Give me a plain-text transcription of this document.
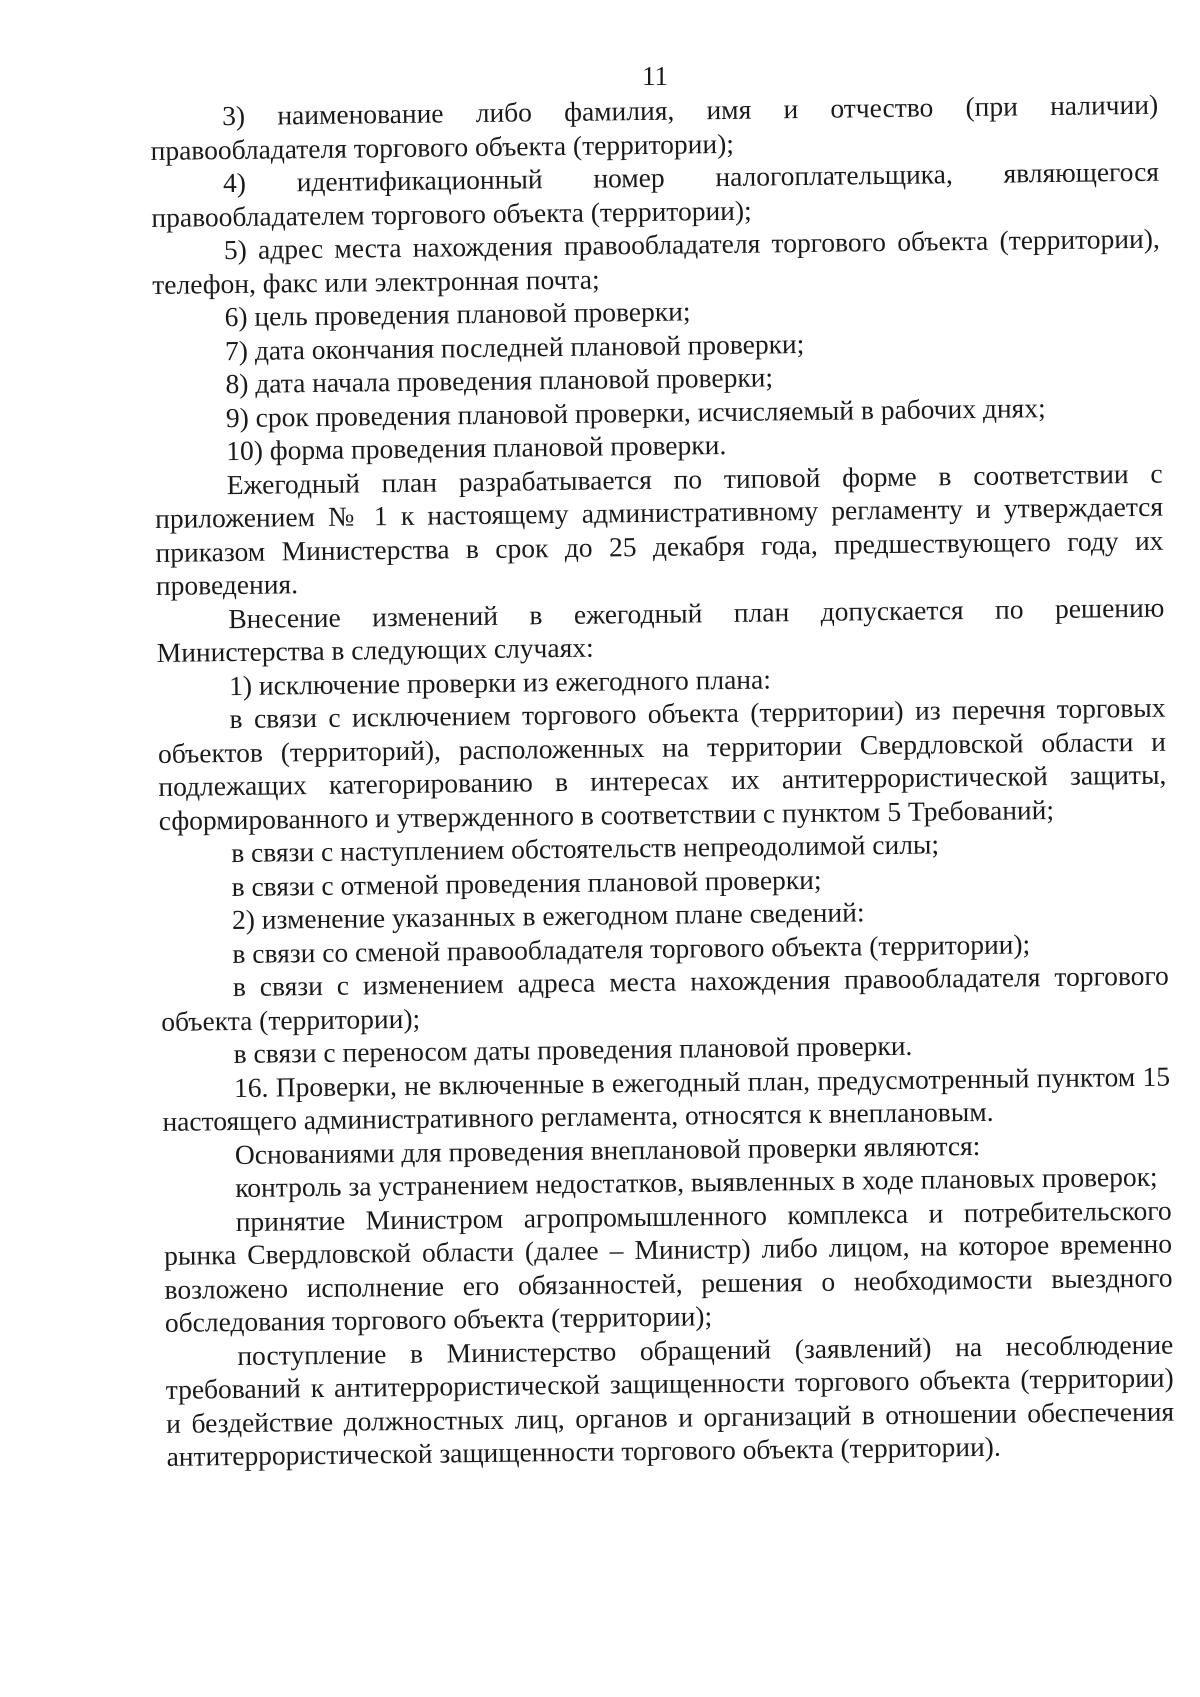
11

3) наименование либо фамилия, имя и отчество (при наличии) правообладателя торгового объекта (территории);

4) идентификационный номер налогоплательщика, являющегося правообладателем торгового объекта (территории);

5) адрес места нахождения правообладателя торгового объекта (территории), телефон, факс или электронная почта;

6) цель проведения плановой проверки;

7) дата окончания последней плановой проверки;

8) дата начала проведения плановой проверки;

9) срок проведения плановой проверки, исчисляемый в рабочих днях;

10) форма проведения плановой проверки.

Ежегодный план разрабатывается по типовой форме в соответствии с приложением № 1 к настоящему административному регламенту и утверждается приказом Министерства в срок до 25 декабря года, предшествующего году их проведения.

Внесение изменений в ежегодный план допускается по решению Министерства в следующих случаях:

1) исключение проверки из ежегодного плана:

в связи с исключением торгового объекта (территории) из перечня торговых объектов (территорий), расположенных на территории Свердловской области и подлежащих категорированию в интересах их антитеррористической защиты, сформированного и утвержденного в соответствии с пунктом 5 Требований;

в связи с наступлением обстоятельств непреодолимой силы;

в связи с отменой проведения плановой проверки;

2) изменение указанных в ежегодном плане сведений:

в связи со сменой правообладателя торгового объекта (территории);

в связи с изменением адреса места нахождения правообладателя торгового объекта (территории);

в связи с переносом даты проведения плановой проверки.

16. Проверки, не включенные в ежегодный план, предусмотренный пунктом 15 настоящего административного регламента, относятся к внеплановым.

Основаниями для проведения внеплановой проверки являются:

контроль за устранением недостатков, выявленных в ходе плановых проверок;

принятие Министром агропромышленного комплекса и потребительского рынка Свердловской области (далее – Министр) либо лицом, на которое временно возложено исполнение его обязанностей, решения о необходимости выездного обследования торгового объекта (территории);

поступление в Министерство обращений (заявлений) на несоблюдение требований к антитеррористической защищенности торгового объекта (территории) и бездействие должностных лиц, органов и организаций в отношении обеспечения антитеррористической защищенности торгового объекта (территории).
